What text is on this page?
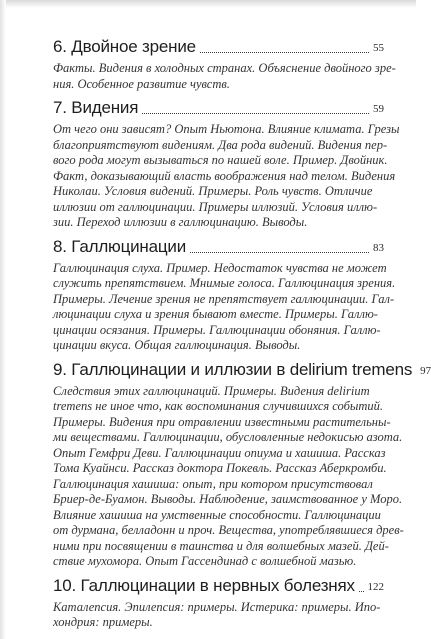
6. Двойное зрение	55
Факты. Видения в холодных странах. Объяснение двойного зре-
ния. Особенное развитие чувств.
7. Видения	59
От чего они зависят? Опыт Ньютона. Влияние климата. Грезы
благоприятствуют видениям. Два рода видений. Видения пер-
вого рода могут вызываться по нашей воле. Пример. Двойник.
Факт, доказывающий власть воображения над телом. Видения
Николаи. Условия видений. Примеры. Роль чувств. Отличие
иллюзии от галлюцинации. Примеры иллюзий. Условия иллю-
зии. Переход иллюзии в галлюцинацию. Выводы.
8. Галлюцинации	83
Галлюцинация слуха. Пример. Недостаток чувства не может
служить препятствием. Мнимые голоса. Галлюцинация зрения.
Примеры. Лечение зрения не препятствует галлюцинации. Гал-
люцинации слуха и зрения бывают вместе. Примеры. Галлю-
цинации осязания. Примеры. Галлюцинации обоняния. Галлю-
цинации вкуса. Общая галлюцинация. Выводы.
9. Галлюцинации и иллюзии в delirium tremens 97
Следствия этих галлюцинаций. Примеры. Видения delirium
tremens не иное что, как воспоминания случившихся событий.
Примеры. Видения при отравлении известными растительны-
ми веществами. Галлюцинации, обусловленные недокисью азота.
Опыт Гемфри Деви. Галлюцинации опиума и хашиша. Рассказ
Тома Куайнси. Рассказ доктора Покевль. Рассказ Аберкромби.
Галлюцинация хашиша: опыт, при котором присутствовал
Бриер-де-Буамон. Выводы. Наблюдение, заимствованное у Моро.
Влияние хашиша на умственные способности. Галлюцинации
от дурмана, белладонн и проч. Вещества, употреблявшиеся древ-
ними при посвящении в таинства и для волшебных мазей. Дей-
ствие мухомора. Опыт Гассендинад с волшебной мазью.
10. Галлюцинации в нервных болезнях 122
Каталепсия. Эпилепсия: примеры. Истерика: примеры. Ипо-
хондрия: примеры.
